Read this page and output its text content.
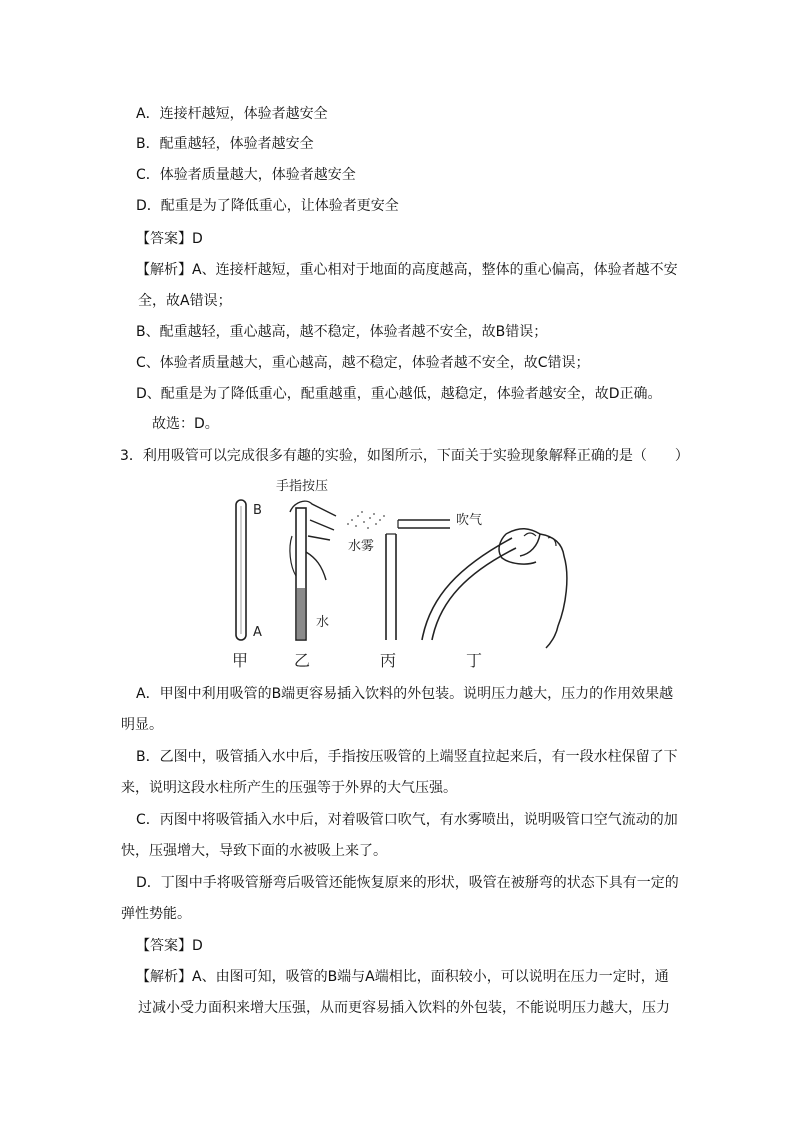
A．连接杆越短，体验者越安全
B．配重越轻，体验者越安全
C．体验者质量越大，体验者越安全
D．配重是为了降低重心，让体验者更安全
【答案】D
【解析】A、连接杆越短，重心相对于地面的高度越高，整体的重心偏高，体验者越不安
全，故A错误；
B、配重越轻，重心越高，越不稳定，体验者越不安全，故B错误；
C、体验者质量越大，重心越高，越不稳定，体验者越不安全，故C错误；
D、配重是为了降低重心，配重越重，重心越低，越稳定，体验者越安全，故D正确。
故选：D。
3．利用吸管可以完成很多有趣的实验，如图所示，下面关于实验现象解释正确的是（　　）
B
A
甲
手指按压
水
乙
吹气
水雾
丙	丁
A．甲图中利用吸管的B端更容易插入饮料的外包装。说明压力越大，压力的作用效果越
明显。
B．乙图中，吸管插入水中后，手指按压吸管的上端竖直拉起来后，有一段水柱保留了下
来，说明这段水柱所产生的压强等于外界的大气压强。
C．丙图中将吸管插入水中后，对着吸管口吹气，有水雾喷出，说明吸管口空气流动的加
快，压强增大，导致下面的水被吸上来了。
D．丁图中手将吸管掰弯后吸管还能恢复原来的形状，吸管在被掰弯的状态下具有一定的
弹性势能。
【答案】D
【解析】A、由图可知，吸管的B端与A端相比，面积较小，可以说明在压力一定时，通
过减小受力面积来增大压强，从而更容易插入饮料的外包装，不能说明压力越大，压力
